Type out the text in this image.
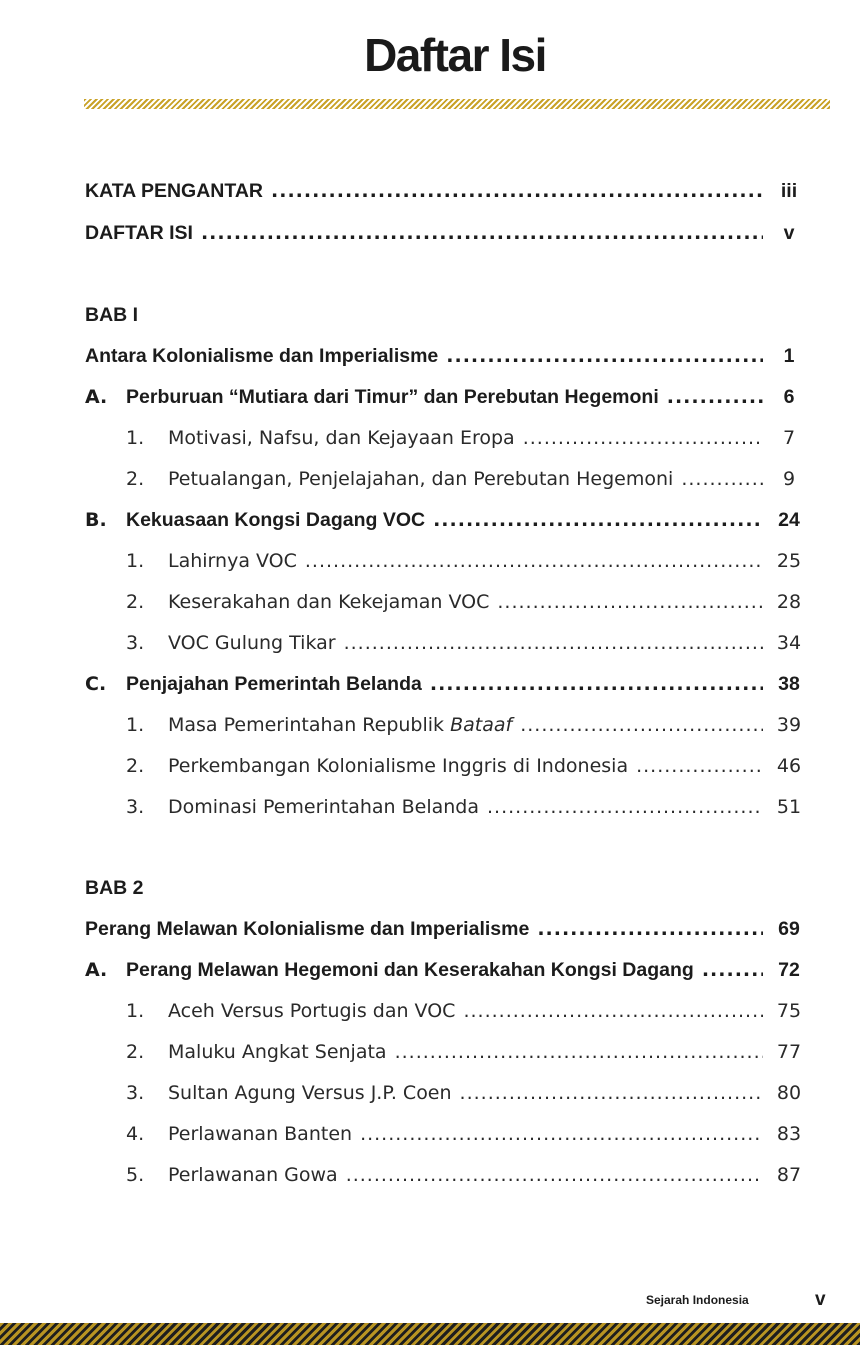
Daftar Isi
KATA PENGANTAR .....	iii
DAFTAR ISI .....	v
BAB I
Antara Kolonialisme dan Imperialisme .....	1
A. Perburuan “Mutiara dari Timur” dan Perebutan Hegemoni .....	6
1.	Motivasi, Nafsu, dan Kejayaan Eropa .....	7
2.	Petualangan, Penjelajahan, dan Perebutan Hegemoni .....	9
B. Kekuasaan Kongsi Dagang VOC .....	24
1.	Lahirnya VOC .....	25
2.	Keserakahan dan Kekejaman VOC .....	28
3.	VOC Gulung Tikar .....	34
C.	Penjajahan Pemerintah Belanda .....	38
1.	Masa Pemerintahan Republik Bataaf .....	39
2.	Perkembangan Kolonialisme Inggris di Indonesia .....	46
3.	Dominasi Pemerintahan Belanda .....	51
BAB 2
Perang Melawan Kolonialisme dan Imperialisme .....	69
A. Perang Melawan Hegemoni dan Keserakahan Kongsi Dagang .....	72
1.	Aceh Versus Portugis dan VOC .....	75
2.	Maluku Angkat Senjata .....	77
3.	Sultan Agung Versus J.P. Coen .....	80
4.	Perlawanan Banten .....	83
5.	Perlawanan Gowa .....	87
Sejarah Indonesia	v
